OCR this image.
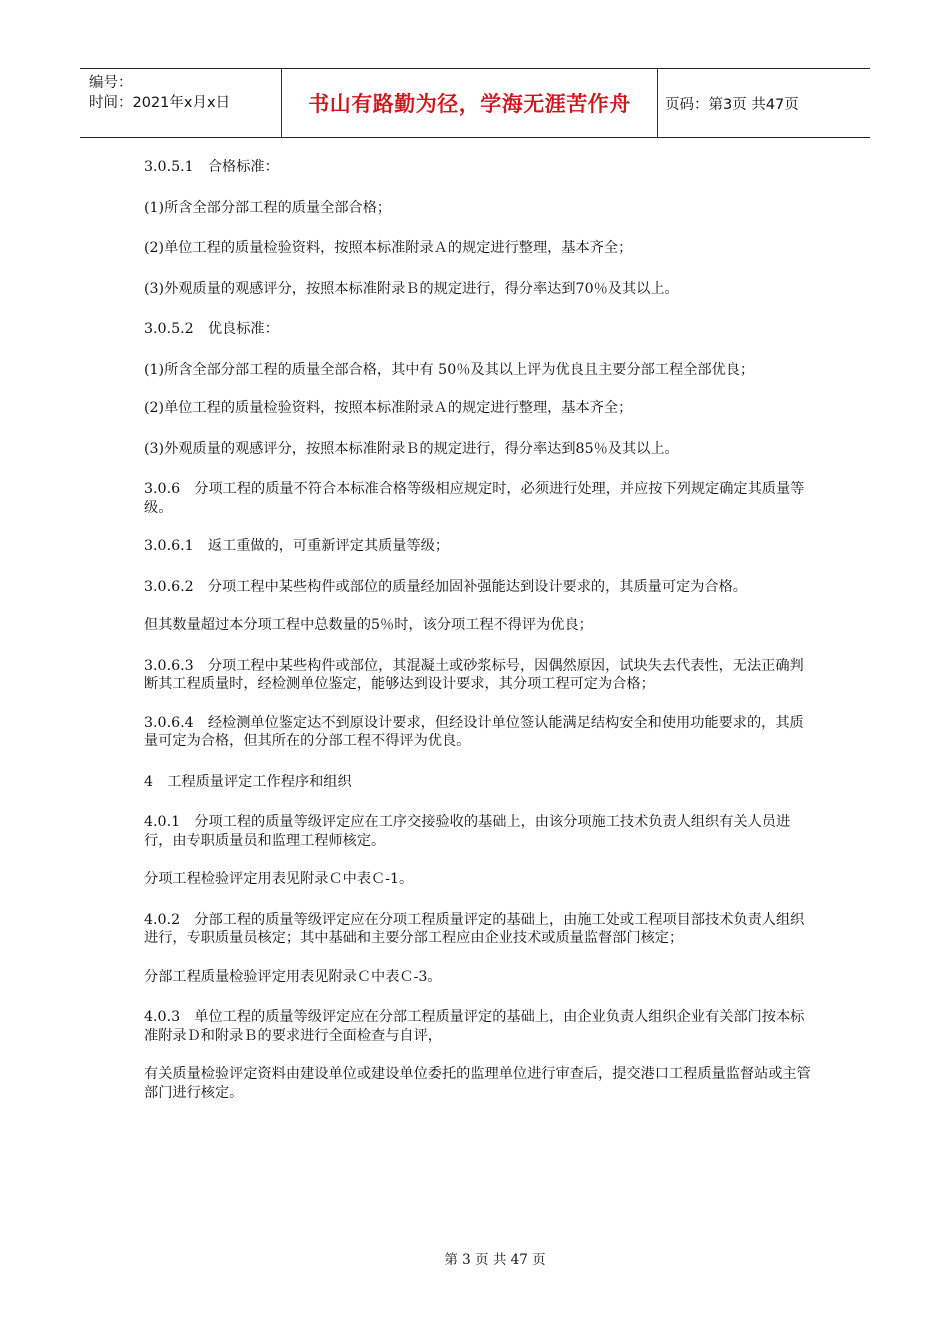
编号：
时间：2021年x月x日	书山有路勤为径，学海无涯苦作舟	页码：第3页 共47页

3.0.5.1　合格标准：

(1)所含全部分部工程的质量全部合格；

(2)单位工程的质量检验资料，按照本标准附录Ａ的规定进行整理，基本齐全；

(3)外观质量的观感评分，按照本标准附录Ｂ的规定进行，得分率达到70％及其以上。

3.0.5.2　优良标准：

(1)所含全部分部工程的质量全部合格，其中有 50％及其以上评为优良且主要分部工程全部优良；

(2)单位工程的质量检验资料，按照本标准附录Ａ的规定进行整理，基本齐全；

(3)外观质量的观感评分，按照本标准附录Ｂ的规定进行，得分率达到85％及其以上。

3.0.6　分项工程的质量不符合本标准合格等级相应规定时，必须进行处理，并应按下列规定确定其质量等级。

3.0.6.1　返工重做的，可重新评定其质量等级；

3.0.6.2　分项工程中某些构件或部位的质量经加固补强能达到设计要求的，其质量可定为合格。

但其数量超过本分项工程中总数量的5％时，该分项工程不得评为优良；

3.0.6.3　分项工程中某些构件或部位，其混凝土或砂浆标号，因偶然原因，试块失去代表性，无法正确判断其工程质量时，经检测单位鉴定，能够达到设计要求，其分项工程可定为合格；

3.0.6.4　经检测单位鉴定达不到原设计要求，但经设计单位签认能满足结构安全和使用功能要求的，其质量可定为合格，但其所在的分部工程不得评为优良。

4　工程质量评定工作程序和组织

4.0.1　分项工程的质量等级评定应在工序交接验收的基础上，由该分项施工技术负责人组织有关人员进行，由专职质量员和监理工程师核定。

分项工程检验评定用表见附录Ｃ中表Ｃ-1。

4.0.2　分部工程的质量等级评定应在分项工程质量评定的基础上，由施工处或工程项目部技术负责人组织进行，专职质量员核定；其中基础和主要分部工程应由企业技术或质量监督部门核定；

分部工程质量检验评定用表见附录Ｃ中表Ｃ-3。

4.0.3　单位工程的质量等级评定应在分部工程质量评定的基础上，由企业负责人组织企业有关部门按本标准附录Ｄ和附录Ｂ的要求进行全面检查与自评，

有关质量检验评定资料由建设单位或建设单位委托的监理单位进行审查后，提交港口工程质量监督站或主管部门进行核定。

第 3 页 共 47 页
